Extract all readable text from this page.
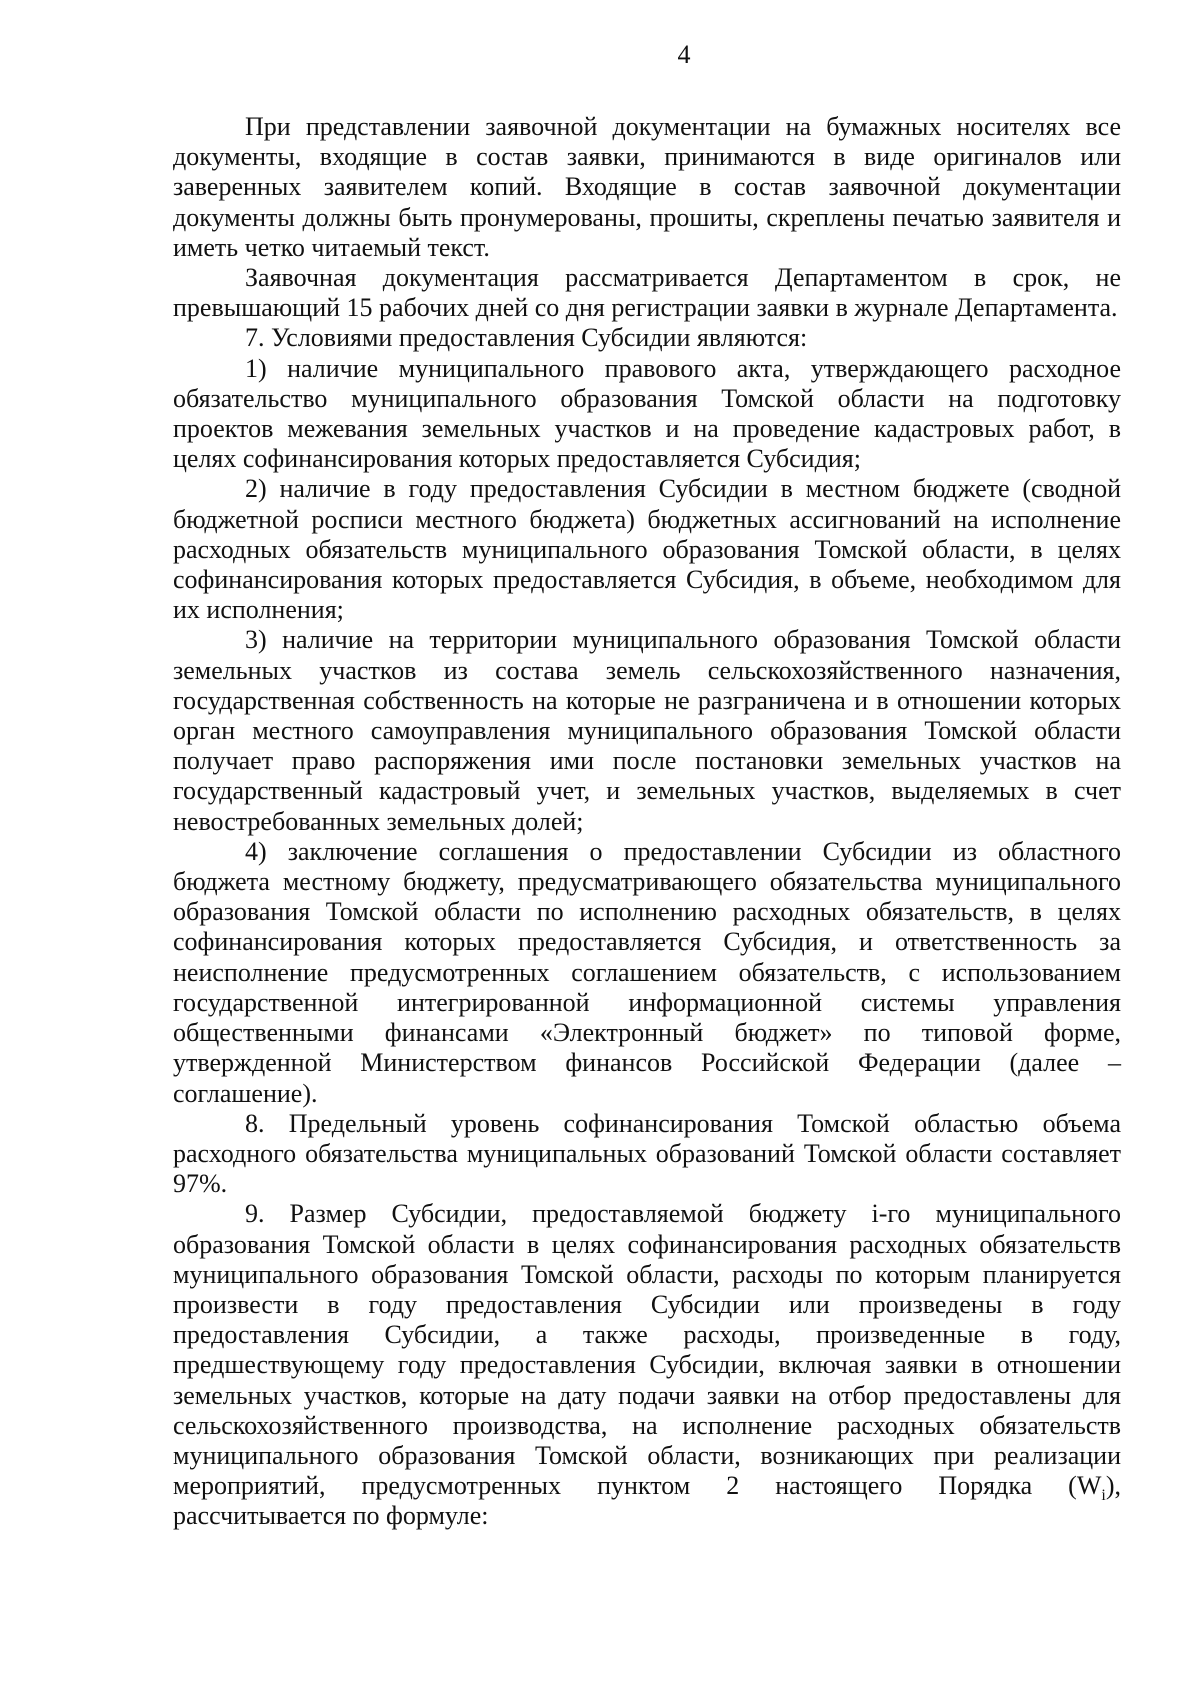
4

При представлении заявочной документации на бумажных носителях все документы, входящие в состав заявки, принимаются в виде оригиналов или заверенных заявителем копий. Входящие в состав заявочной документации документы должны быть пронумерованы, прошиты, скреплены печатью заявителя и иметь четко читаемый текст.

Заявочная документация рассматривается Департаментом в срок, не превышающий 15 рабочих дней со дня регистрации заявки в журнале Департамента.

7. Условиями предоставления Субсидии являются:

1) наличие муниципального правового акта, утверждающего расходное обязательство муниципального образования Томской области на подготовку проектов межевания земельных участков и на проведение кадастровых работ, в целях софинансирования которых предоставляется Субсидия;

2) наличие в году предоставления Субсидии в местном бюджете (сводной бюджетной росписи местного бюджета) бюджетных ассигнований на исполнение расходных обязательств муниципального образования Томской области, в целях софинансирования которых предоставляется Субсидия, в объеме, необходимом для их исполнения;

3) наличие на территории муниципального образования Томской области земельных участков из состава земель сельскохозяйственного назначения, государственная собственность на которые не разграничена и в отношении которых орган местного самоуправления муниципального образования Томской области получает право распоряжения ими после постановки земельных участков на государственный кадастровый учет, и земельных участков, выделяемых в счет невостребованных земельных долей;

4) заключение соглашения о предоставлении Субсидии из областного бюджета местному бюджету, предусматривающего обязательства муниципального образования Томской области по исполнению расходных обязательств, в целях софинансирования которых предоставляется Субсидия, и ответственность за неисполнение предусмотренных соглашением обязательств, с использованием государственной интегрированной информационной системы управления общественными финансами «Электронный бюджет» по типовой форме, утвержденной Министерством финансов Российской Федерации (далее – соглашение).

8. Предельный уровень софинансирования Томской областью объема расходного обязательства муниципальных образований Томской области составляет 97%.

9. Размер Субсидии, предоставляемой бюджету i-го муниципального образования Томской области в целях софинансирования расходных обязательств муниципального образования Томской области, расходы по которым планируется произвести в году предоставления Субсидии или произведены в году предоставления Субсидии, а также расходы, произведенные в году, предшествующему году предоставления Субсидии, включая заявки в отношении земельных участков, которые на дату подачи заявки на отбор предоставлены для сельскохозяйственного производства, на исполнение расходных обязательств муниципального образования Томской области, возникающих при реализации мероприятий, предусмотренных пунктом 2 настоящего Порядка $(W_i)$, рассчитывается по формуле:
